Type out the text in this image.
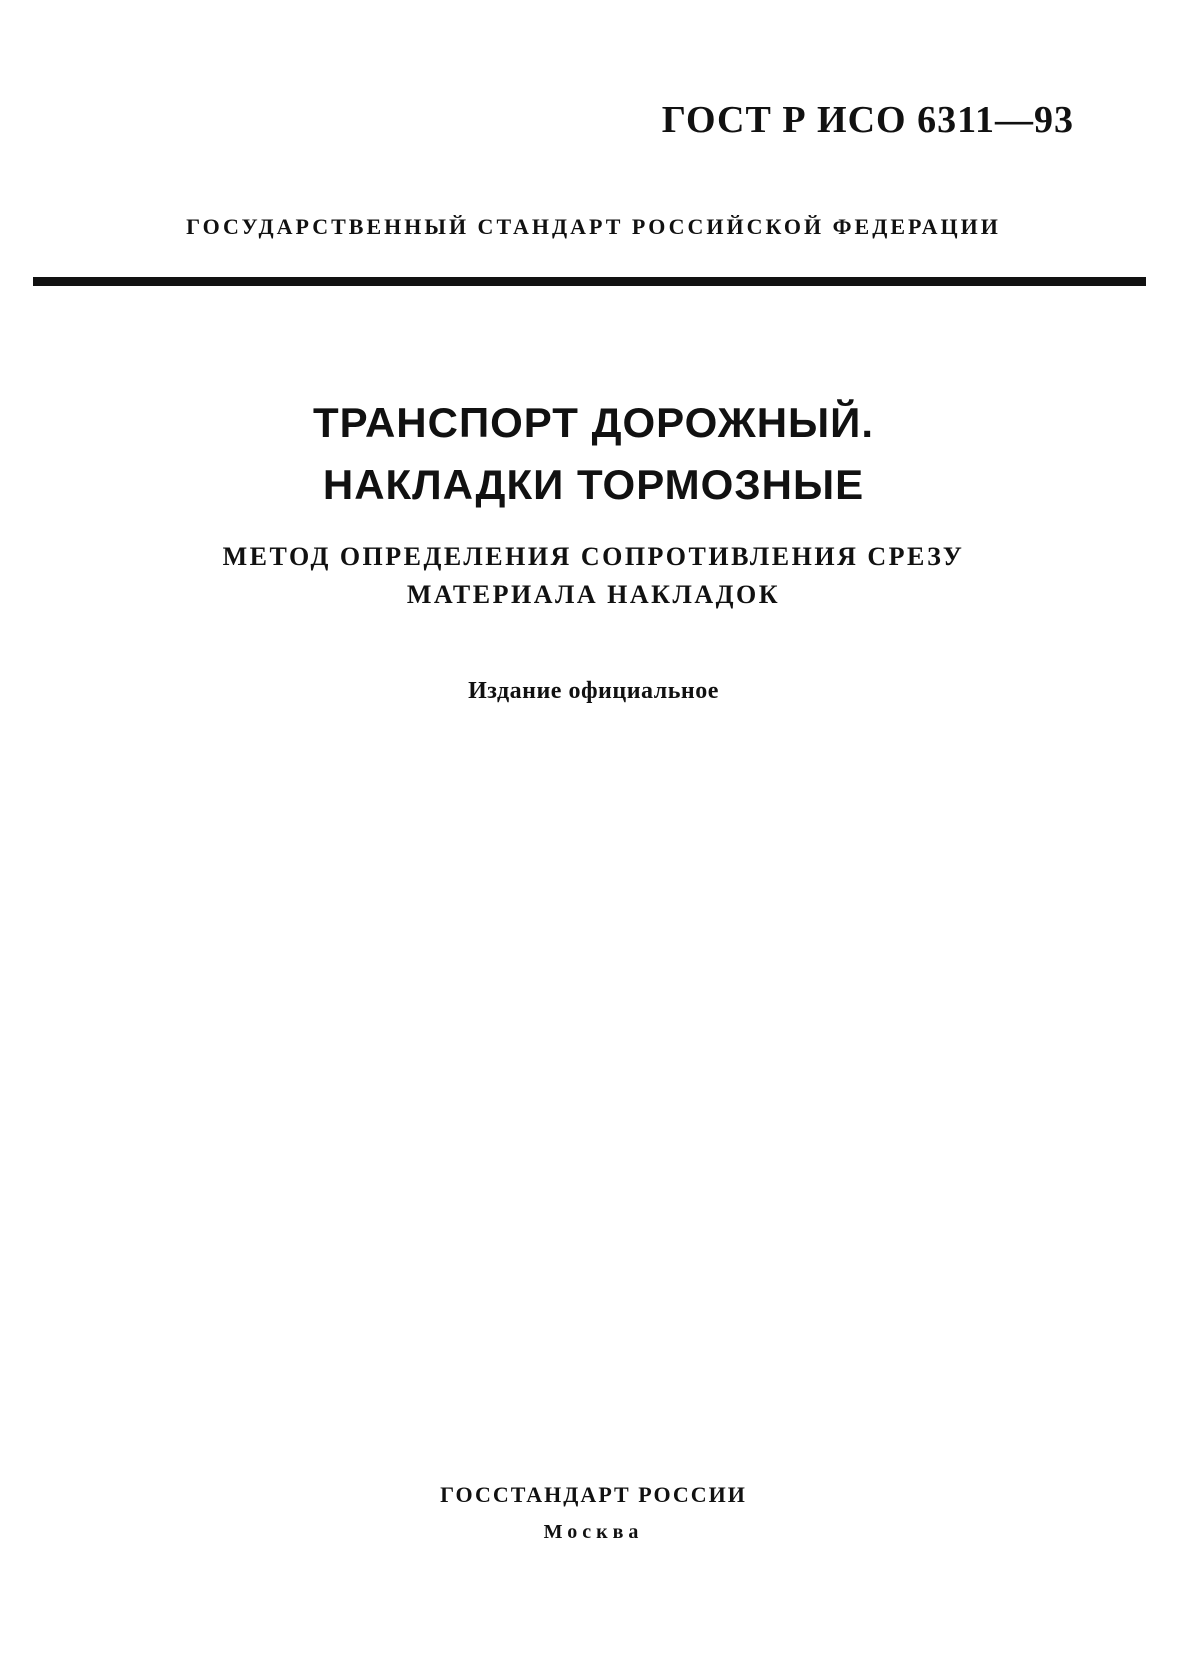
ГОСТ Р ИСО 6311—93
ГОСУДАРСТВЕННЫЙ СТАНДАРТ РОССИЙСКОЙ ФЕДЕРАЦИИ
ТРАНСПОРТ ДОРОЖНЫЙ.
НАКЛАДКИ ТОРМОЗНЫЕ
МЕТОД ОПРЕДЕЛЕНИЯ СОПРОТИВЛЕНИЯ СРЕЗУ
МАТЕРИАЛА НАКЛАДОК
Издание официальное
ГОССТАНДАРТ РОССИИ
Москва
